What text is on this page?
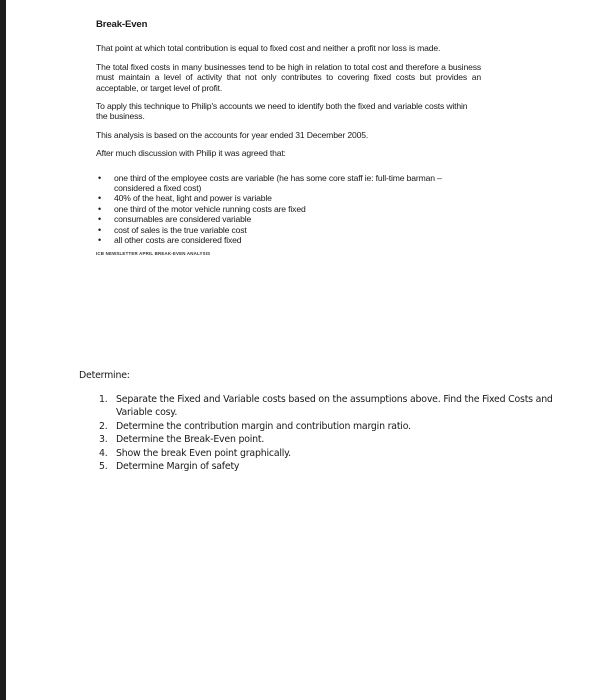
Break-Even

That point at which total contribution is equal to fixed cost and neither a profit nor loss is made.

The total fixed costs in many businesses tend to be high in relation to total cost and therefore a business must maintain a level of activity that not only contributes to covering fixed costs but provides an acceptable, or target level of profit.

To apply this technique to Philip's accounts we need to identify both the fixed and variable costs within the business.

This analysis is based on the accounts for year ended 31 December 2005.

After much discussion with Philip it was agreed that:

• one third of the employee costs are variable (he has some core staff ie: full-time barman – considered a fixed cost)
• 40% of the heat, light and power is variable
• one third of the motor vehicle running costs are fixed
• consumables are considered variable
• cost of sales is the true variable cost
• all other costs are considered fixed
ICB NEWSLETTER APRIL BREAK-EVEN ANALYSIS
Determine:
1. Separate the Fixed and Variable costs based on the assumptions above. Find the Fixed Costs and Variable cosy.
2. Determine the contribution margin and contribution margin ratio.
3. Determine the Break-Even point.
4. Show the break Even point graphically.
5. Determine Margin of safety
